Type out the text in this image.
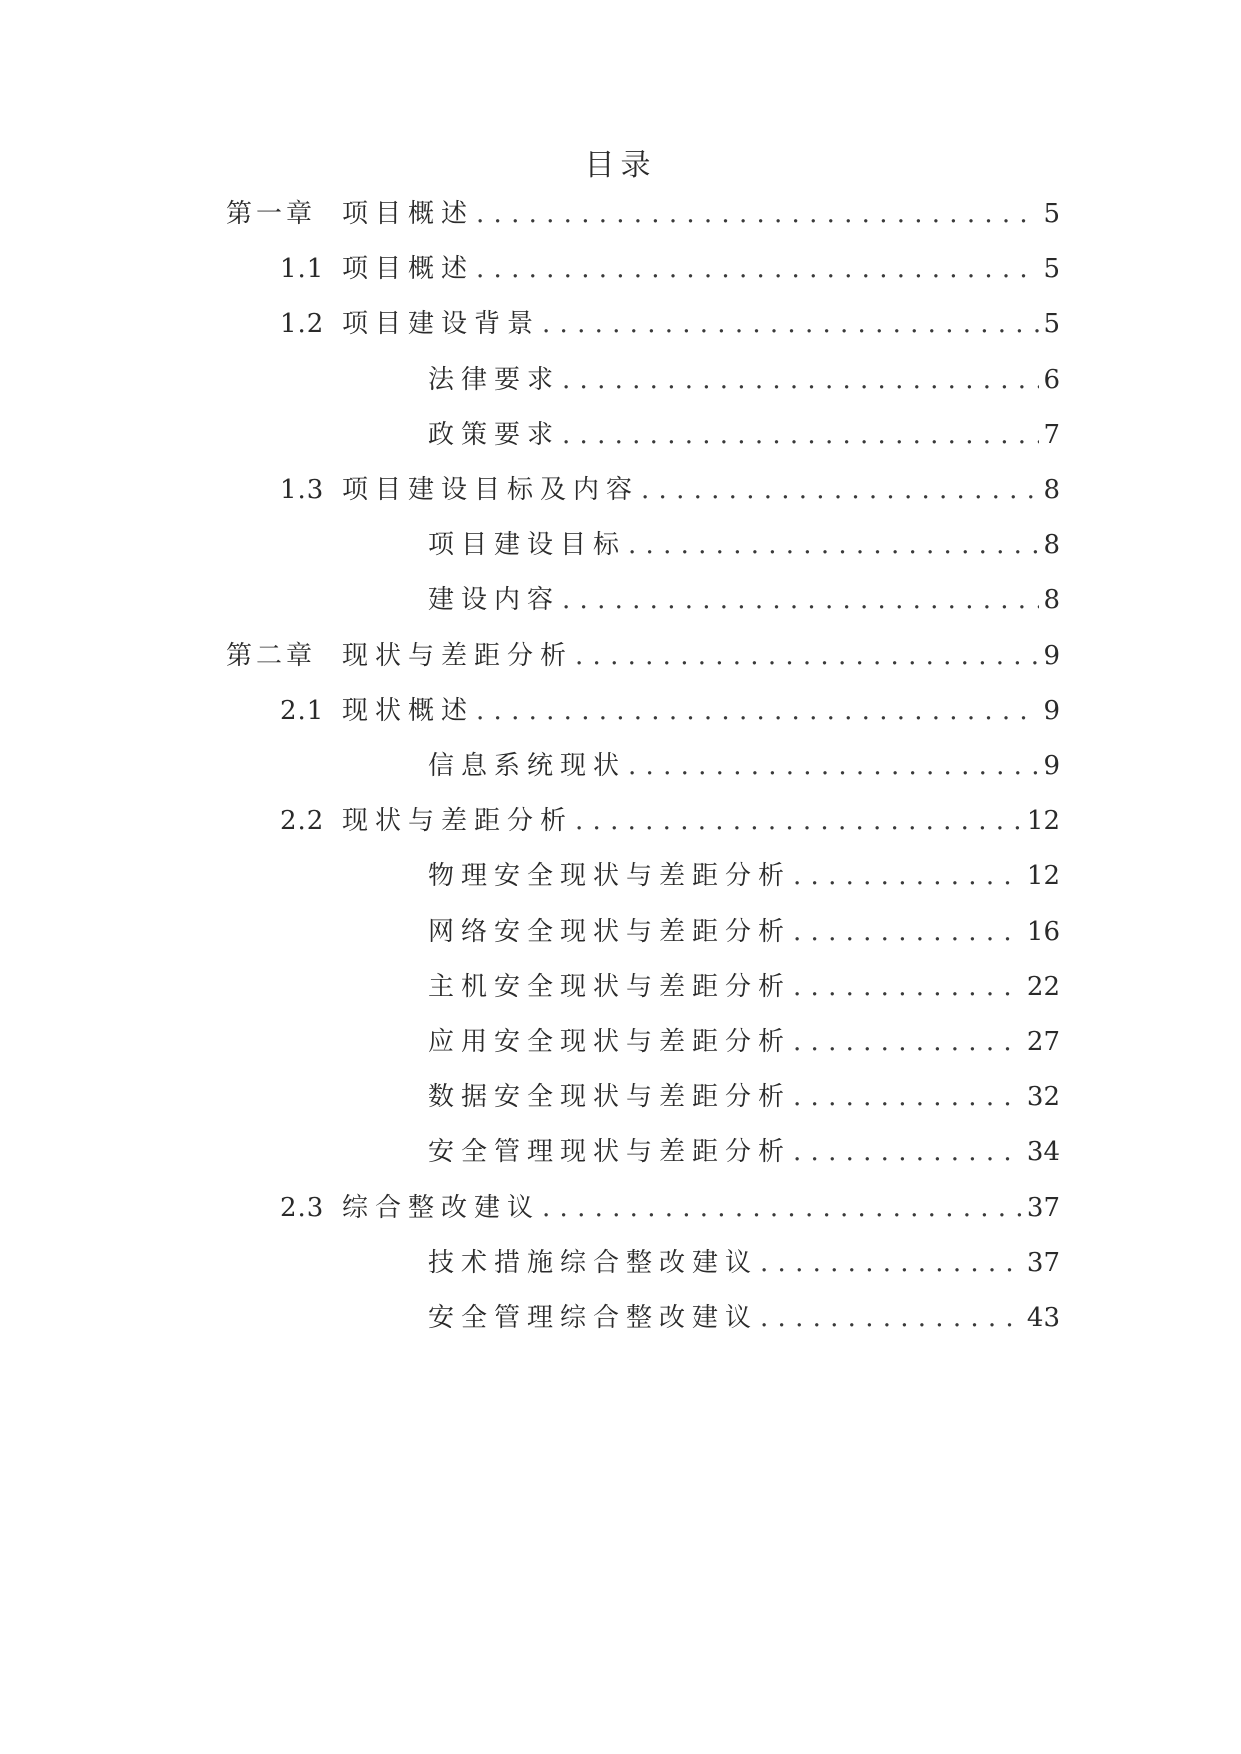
目录
第一章 项目概述 . . .	5
1.1 项目概述 . . .	5
1.2 项目建设背景 . . .	5
法律要求 . . .	6
政策要求 . . .	7
1.3 项目建设目标及内容 . . .	8
项目建设目标 . . .	8
建设内容 . . .	8
第二章 现状与差距分析 . . .	9
2.1 现状概述 . . .	9
信息系统现状 . . .	9
2.2 现状与差距分析 . . .	12
物理安全现状与差距分析 . . .	12
网络安全现状与差距分析 . . .	16
主机安全现状与差距分析 . . .	22
应用安全现状与差距分析 . . .	27
数据安全现状与差距分析 . . .	32
安全管理现状与差距分析 . . .	34
2.3 综合整改建议 . . .	37
技术措施综合整改建议 . . .	37
安全管理综合整改建议 . . .	43
